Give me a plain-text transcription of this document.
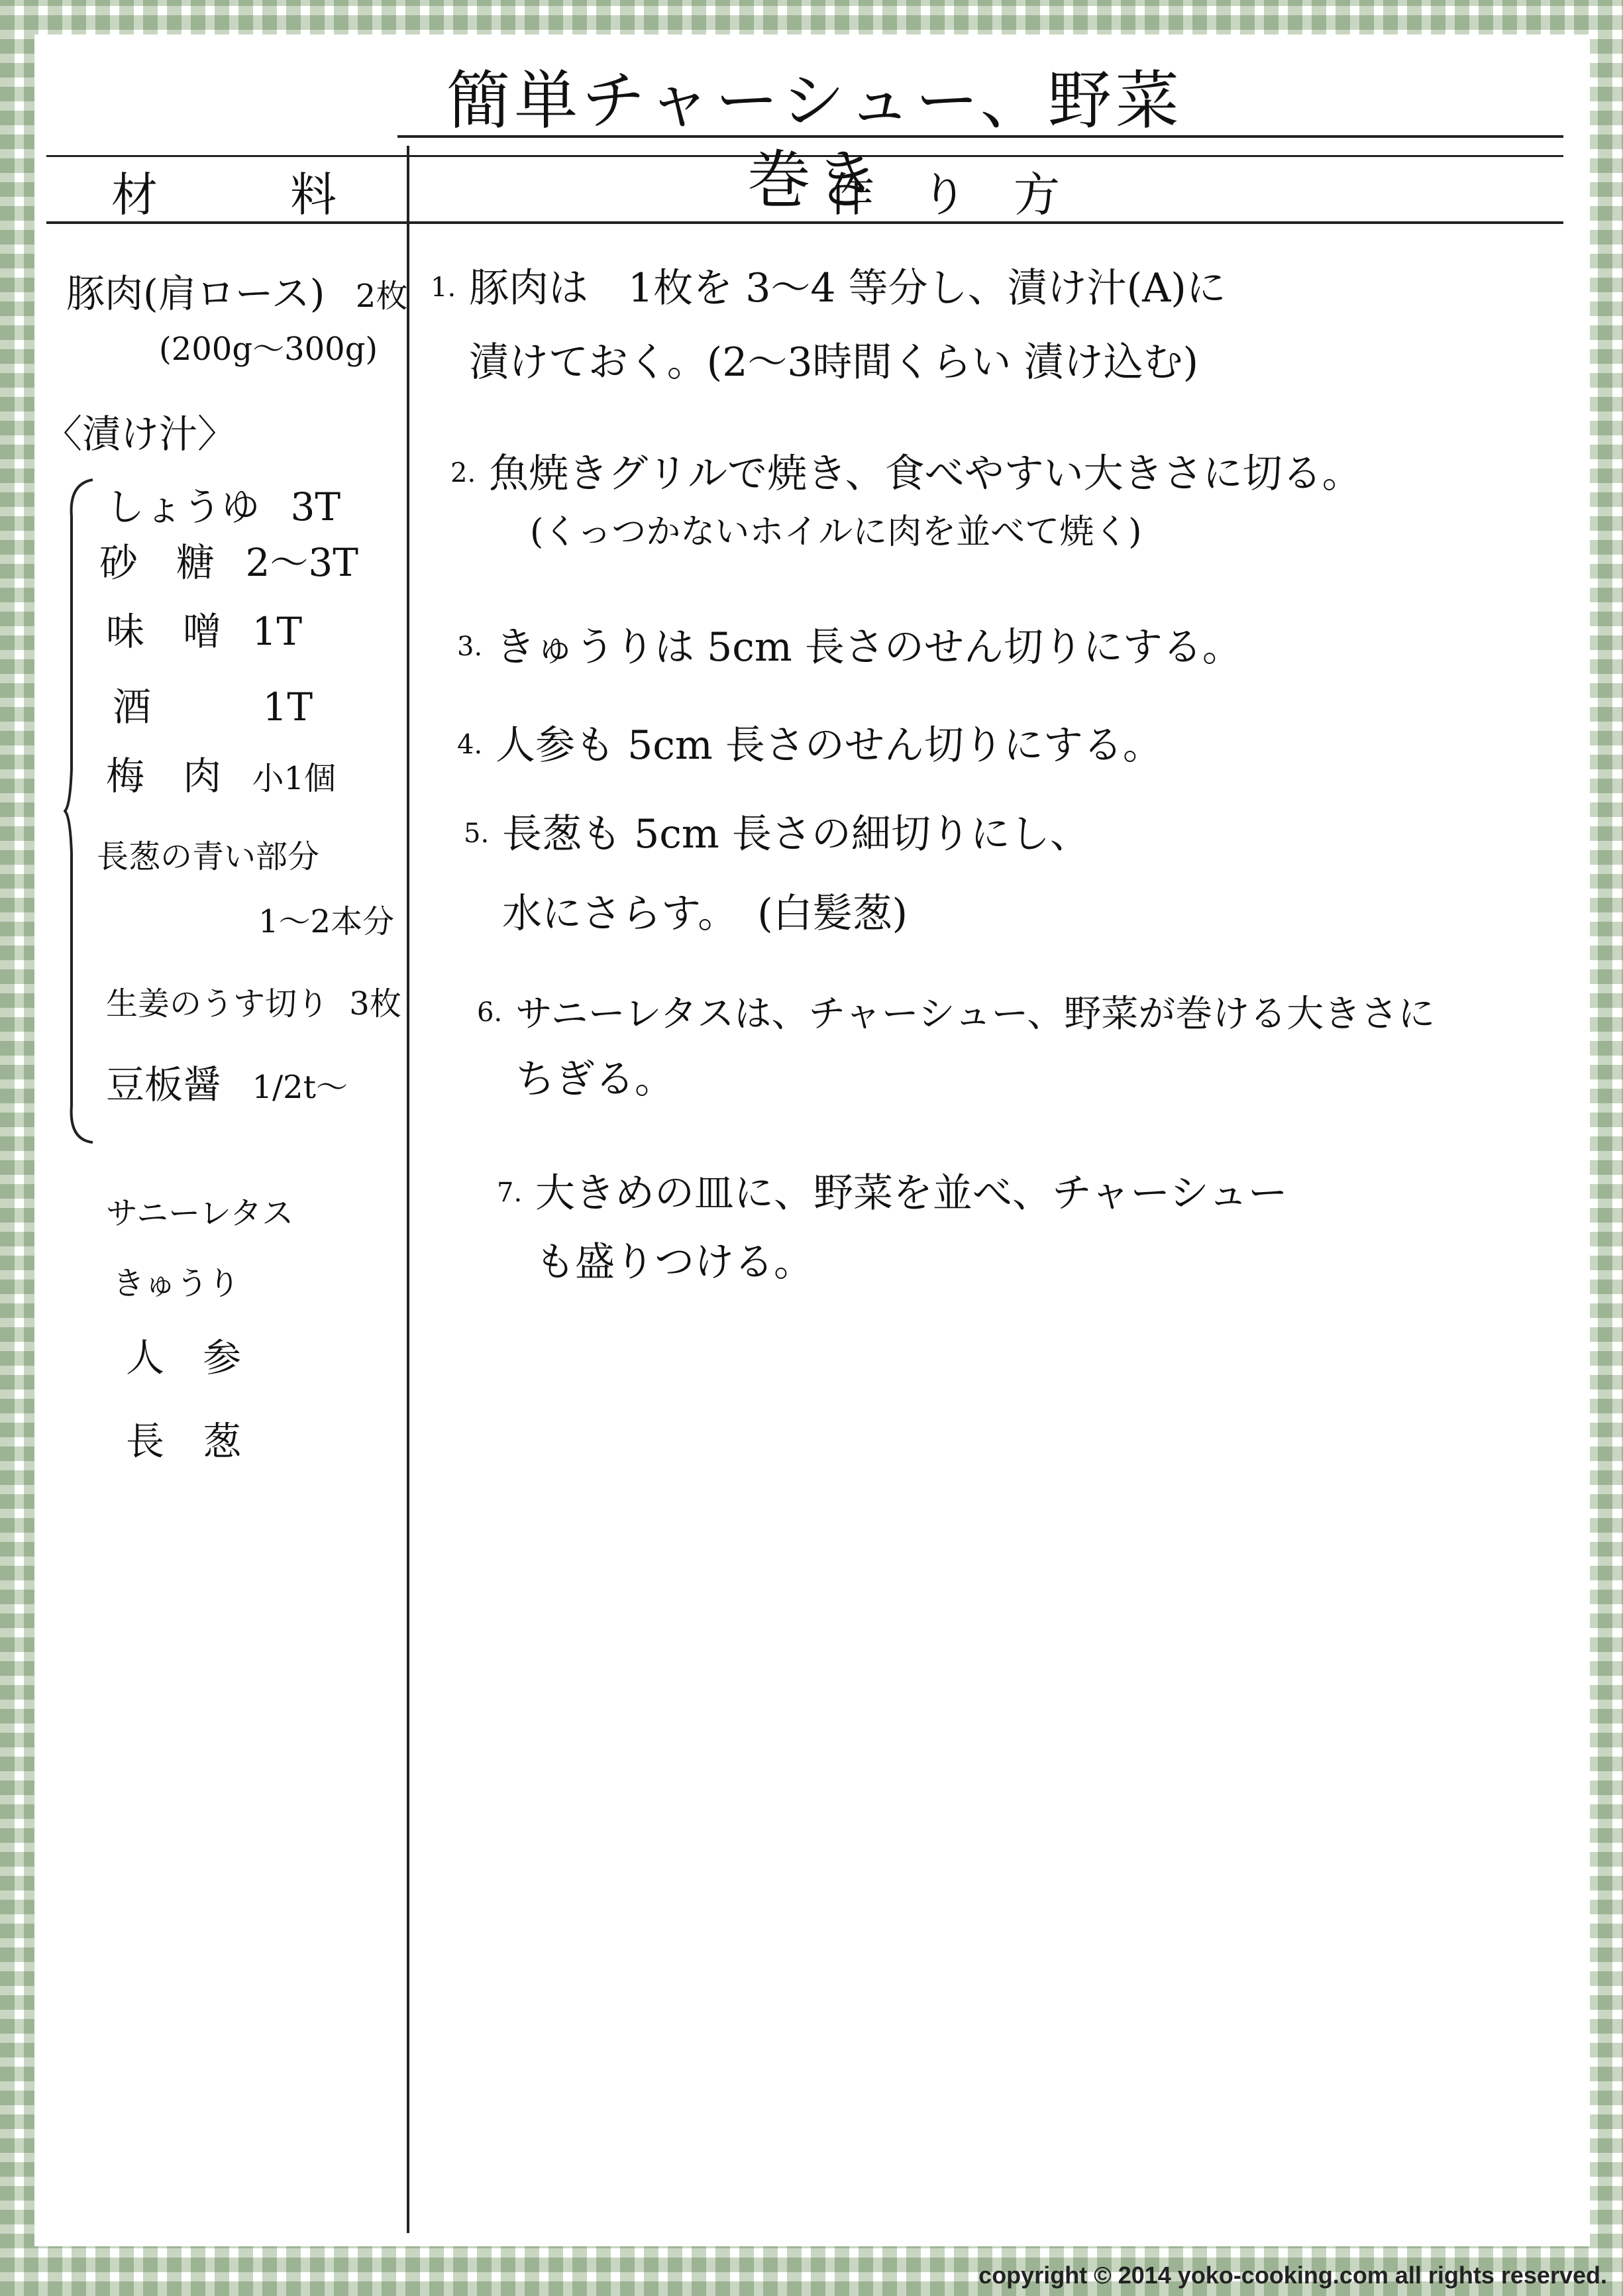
簡単チャーシュー、野菜巻き
材	料	作り方
豚肉(肩ロース) 2枚
(200g〜300g)
〈漬け汁〉
しょうゆ 3T
砂　糖 2〜3T
味　噌 1T
酒	1T
梅　肉 小1個
長葱の青い部分
1〜2本分
生姜のうす切り 3枚
豆板醤 1/2t〜
サニーレタス
きゅうり
人　参
長　葱
1. 豚肉は　1枚を 3〜4 等分し、漬け汁(A)に
漬けておく。(2〜3時間くらい 漬け込む)
2. 魚焼きグリルで焼き、食べやすい大きさに切る。
(くっつかないホイルに肉を並べて焼く)
3. きゅうりは 5cm 長さのせん切りにする。
4. 人参も 5cm 長さのせん切りにする。
5. 長葱も 5cm 長さの細切りにし、
水にさらす。　(白髪葱)
6. サニーレタスは、チャーシュー、野菜が巻ける大きさに
ちぎる。
7. 大きめの皿に、野菜を並べ、チャーシュー
も盛りつける。
copyright © 2014 yoko-cooking.com all rights reserved.
